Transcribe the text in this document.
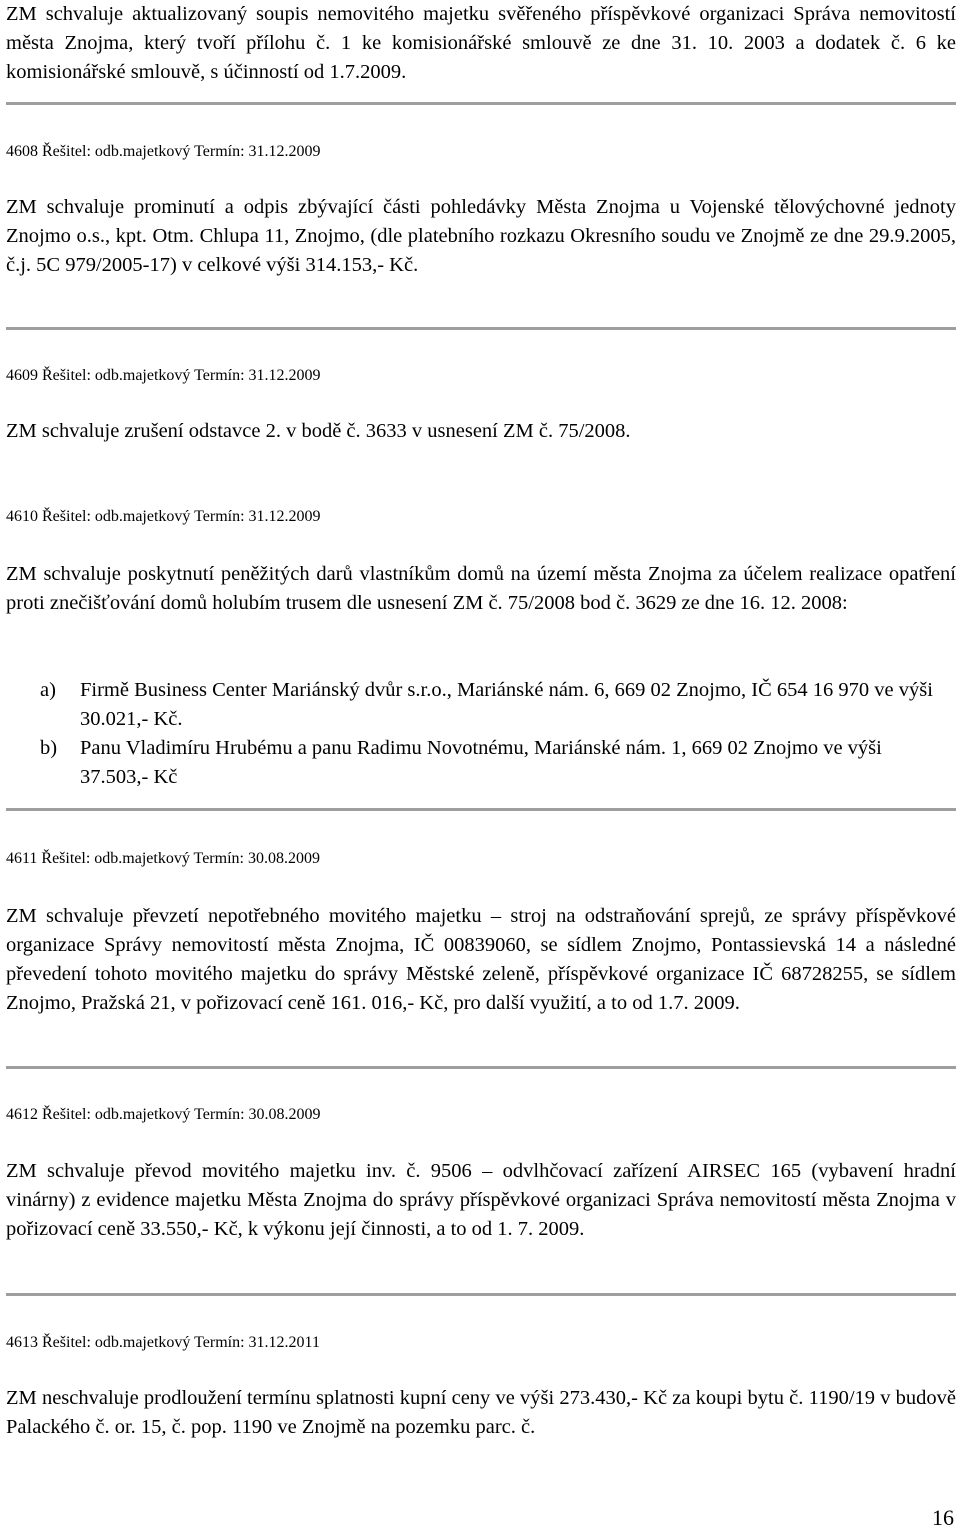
ZM schvaluje aktualizovaný soupis nemovitého majetku svěřeného příspěvkové organizaci Správa nemovitostí města Znojma, který tvoří přílohu č. 1 ke komisionářské smlouvě ze dne 31. 10. 2003 a dodatek č. 6 ke komisionářské smlouvě, s účinností od 1.7.2009.

4608 Řešitel: odb.majetkový Termín: 31.12.2009

ZM schvaluje prominutí a odpis zbývající části pohledávky Města Znojma u Vojenské tělovýchovné jednoty Znojmo o.s., kpt. Otm. Chlupa 11, Znojmo, (dle platebního rozkazu Okresního soudu ve Znojmě ze dne 29.9.2005, č.j. 5C 979/2005-17) v celkové výši 314.153,- Kč.

4609 Řešitel: odb.majetkový Termín: 31.12.2009

ZM schvaluje zrušení odstavce 2. v bodě č. 3633 v usnesení ZM č. 75/2008.

4610 Řešitel: odb.majetkový Termín: 31.12.2009

ZM schvaluje poskytnutí peněžitých darů vlastníkům domů na území města Znojma za účelem realizace opatření proti znečišťování domů holubím trusem dle usnesení ZM č. 75/2008 bod č. 3629 ze dne 16. 12. 2008:

a) Firmě Business Center Mariánský dvůr s.r.o., Mariánské nám. 6, 669 02 Znojmo, IČ 654 16 970 ve výši 30.021,- Kč.
b) Panu Vladimíru Hrubému a panu Radimu Novotnému, Mariánské nám. 1, 669 02 Znojmo ve výši 37.503,- Kč

4611 Řešitel: odb.majetkový Termín: 30.08.2009

ZM schvaluje převzetí nepotřebného movitého majetku – stroj na odstraňování sprejů, ze správy příspěvkové organizace Správy nemovitostí města Znojma, IČ 00839060, se sídlem Znojmo, Pontassievská 14 a následné převedení tohoto movitého majetku do správy Městské zeleně, příspěvkové organizace IČ 68728255, se sídlem Znojmo, Pražská 21, v pořizovací ceně 161. 016,- Kč, pro další využití, a to od 1.7. 2009.

4612 Řešitel: odb.majetkový Termín: 30.08.2009

ZM schvaluje převod movitého majetku inv. č. 9506 – odvlhčovací zařízení AIRSEC 165 (vybavení hradní vinárny) z evidence majetku Města Znojma do správy příspěvkové organizaci Správa nemovitostí města Znojma v pořizovací ceně 33.550,- Kč, k výkonu její činnosti, a to od 1. 7. 2009.

4613 Řešitel: odb.majetkový Termín: 31.12.2011

ZM neschvaluje prodloužení termínu splatnosti kupní ceny ve výši 273.430,- Kč za koupi bytu č. 1190/19 v budově Palackého č. or. 15, č. pop. 1190 ve Znojmě na pozemku parc. č.

16
